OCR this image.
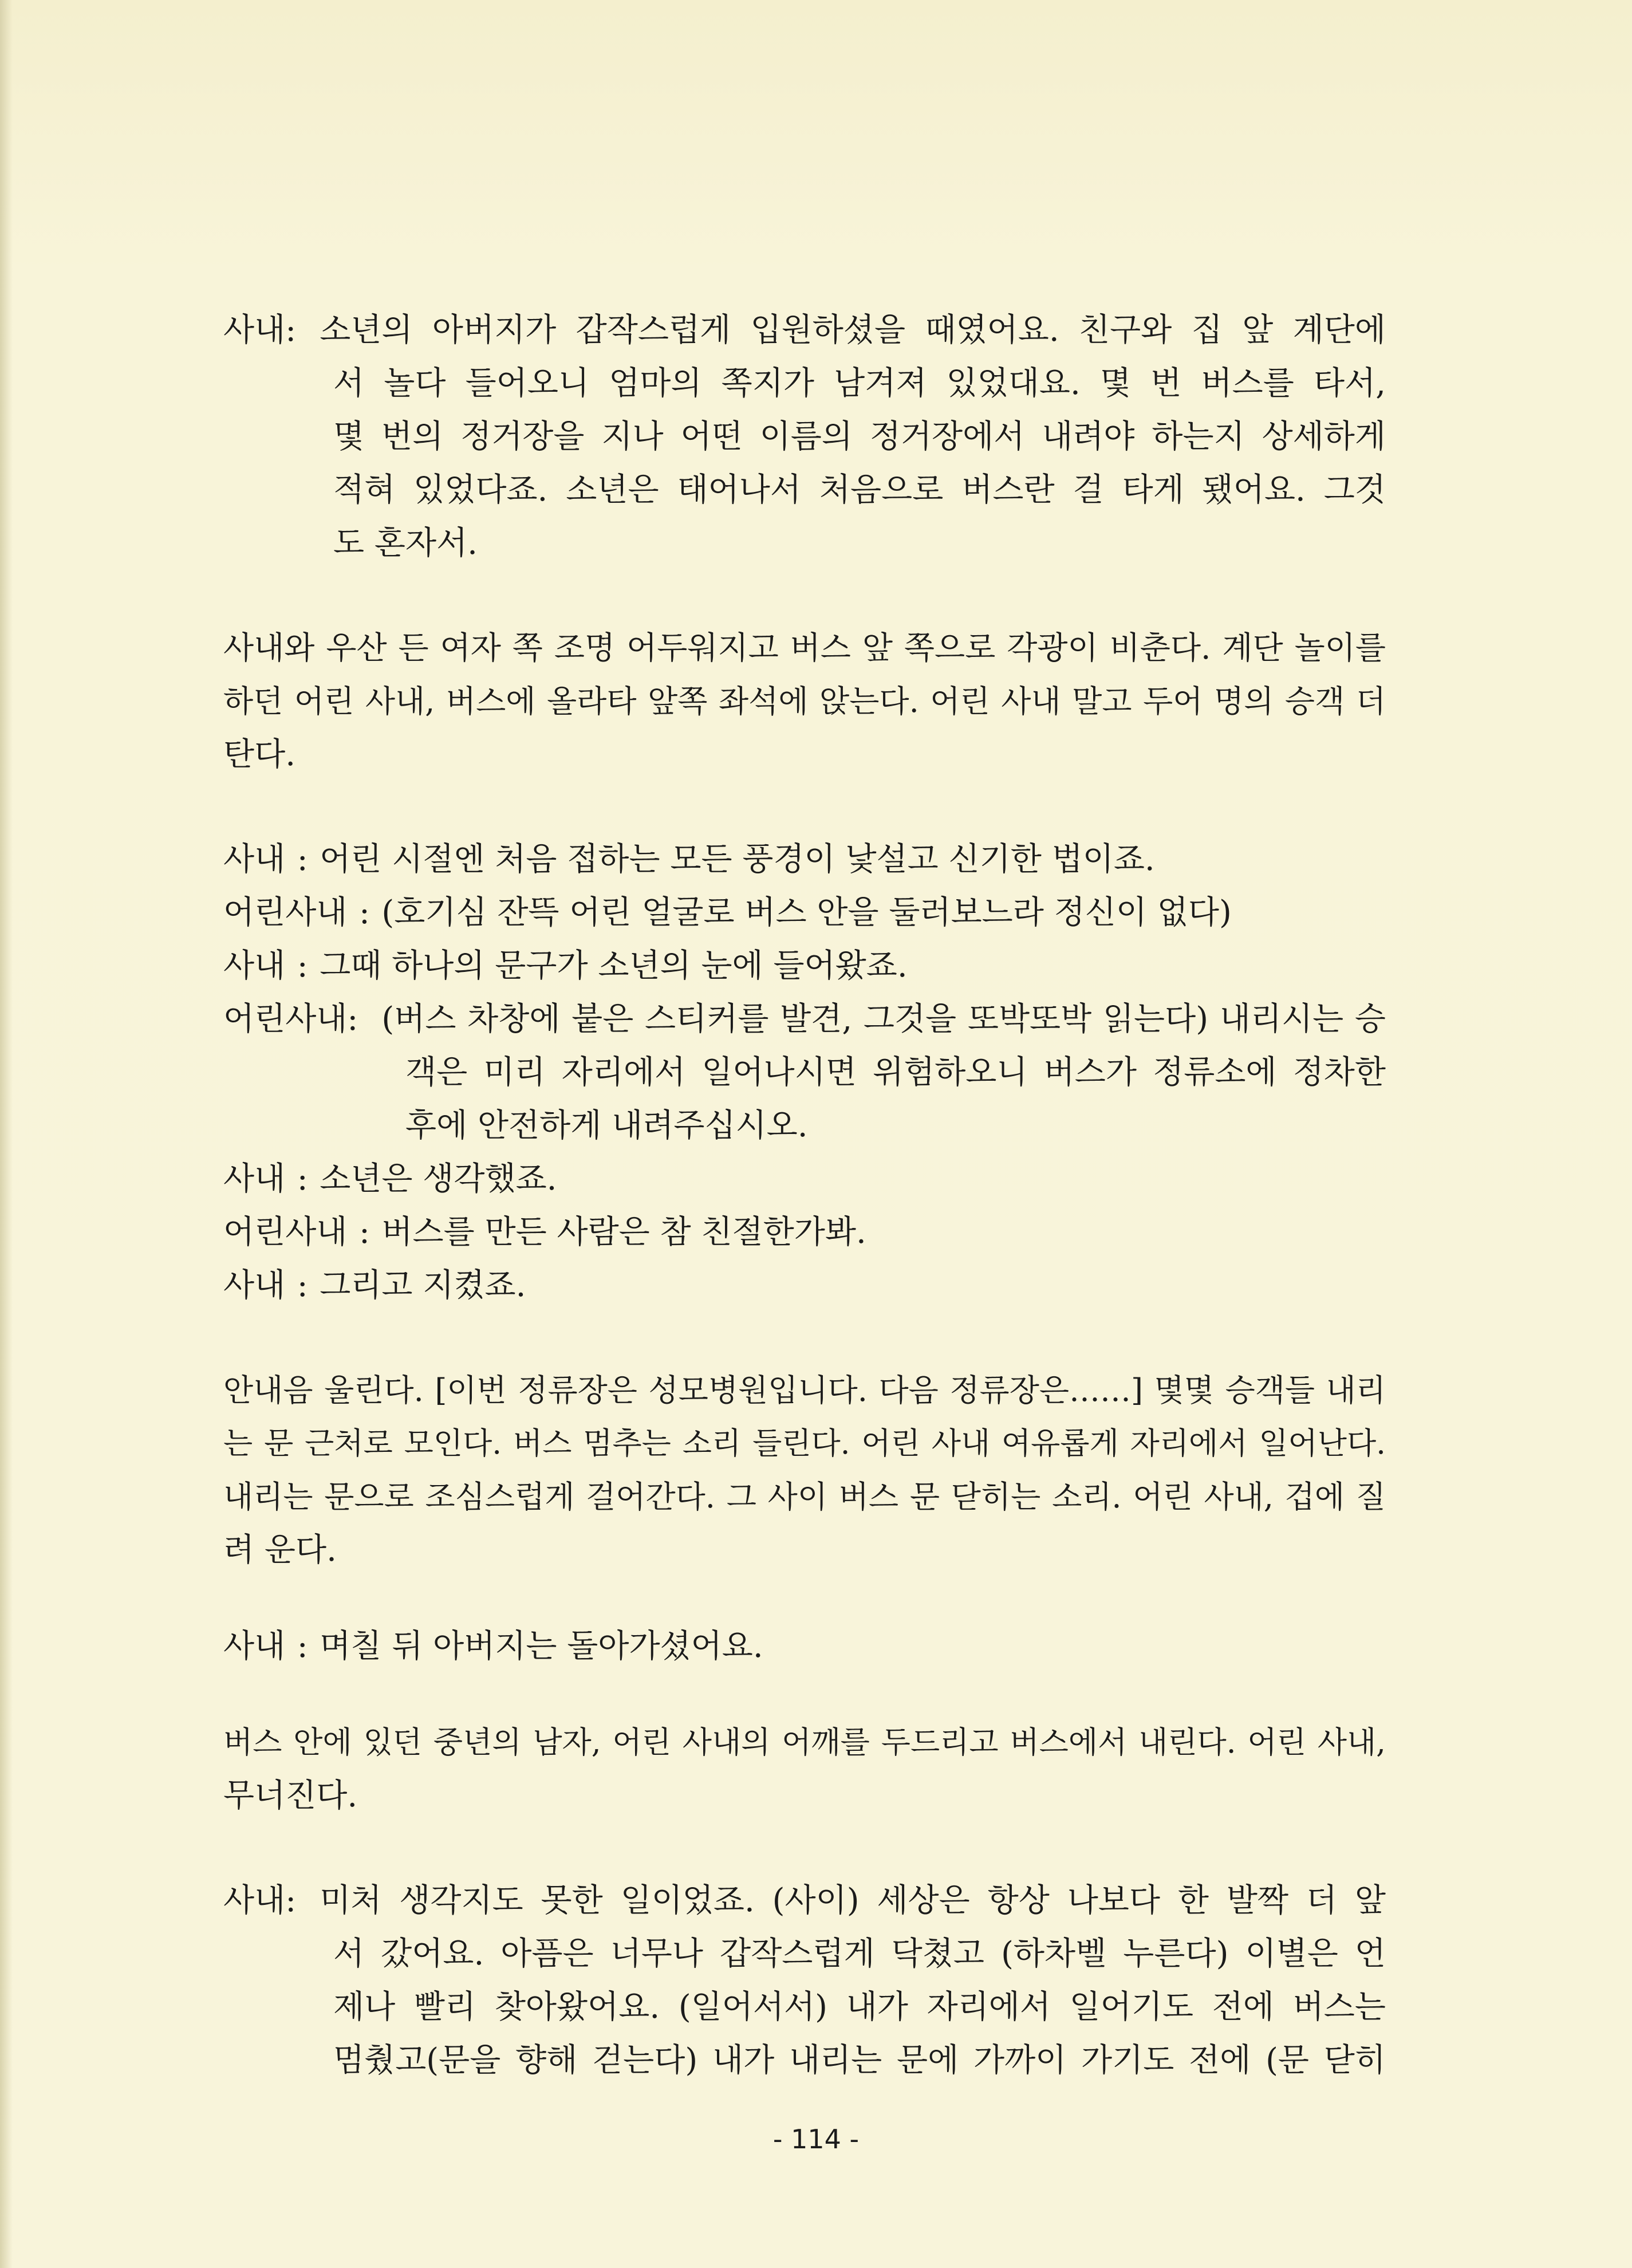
사내: 소년의 아버지가 갑작스럽게 입원하셨을 때였어요. 친구와 집 앞 계단에
서 놀다 들어오니 엄마의 쪽지가 남겨져 있었대요. 몇 번 버스를 타서,
몇 번의 정거장을 지나 어떤 이름의 정거장에서 내려야 하는지 상세하게
적혀 있었다죠. 소년은 태어나서 처음으로 버스란 걸 타게 됐어요. 그것
도 혼자서.
사내와 우산 든 여자 쪽 조명 어두워지고 버스 앞 쪽으로 각광이 비춘다. 계단 놀이를
하던 어린 사내, 버스에 올라타 앞쪽 좌석에 앉는다. 어린 사내 말고 두어 명의 승객 더
탄다.
사내 : 어린 시절엔 처음 접하는 모든 풍경이 낯설고 신기한 법이죠.
어린사내 : (호기심 잔뜩 어린 얼굴로 버스 안을 둘러보느라 정신이 없다)
사내 : 그때 하나의 문구가 소년의 눈에 들어왔죠.
어린사내: (버스 차창에 붙은 스티커를 발견, 그것을 또박또박 읽는다) 내리시는 승
객은 미리 자리에서 일어나시면 위험하오니 버스가 정류소에 정차한
후에 안전하게 내려주십시오.
사내 : 소년은 생각했죠.
어린사내 : 버스를 만든 사람은 참 친절한가봐.
사내 : 그리고 지켰죠.
안내음 울린다. [이번 정류장은 성모병원입니다. 다음 정류장은……] 몇몇 승객들 내리
는 문 근처로 모인다. 버스 멈추는 소리 들린다. 어린 사내 여유롭게 자리에서 일어난다.
내리는 문으로 조심스럽게 걸어간다. 그 사이 버스 문 닫히는 소리. 어린 사내, 겁에 질
려 운다.
사내 : 며칠 뒤 아버지는 돌아가셨어요.
버스 안에 있던 중년의 남자, 어린 사내의 어깨를 두드리고 버스에서 내린다. 어린 사내,
무너진다.
사내: 미처 생각지도 못한 일이었죠. (사이) 세상은 항상 나보다 한 발짝 더 앞
서 갔어요. 아픔은 너무나 갑작스럽게 닥쳤고 (하차벨 누른다) 이별은 언
제나 빨리 찾아왔어요. (일어서서) 내가 자리에서 일어기도 전에 버스는
멈췄고(문을 향해 걷는다) 내가 내리는 문에 가까이 가기도 전에 (문 닫히
- 114 -
